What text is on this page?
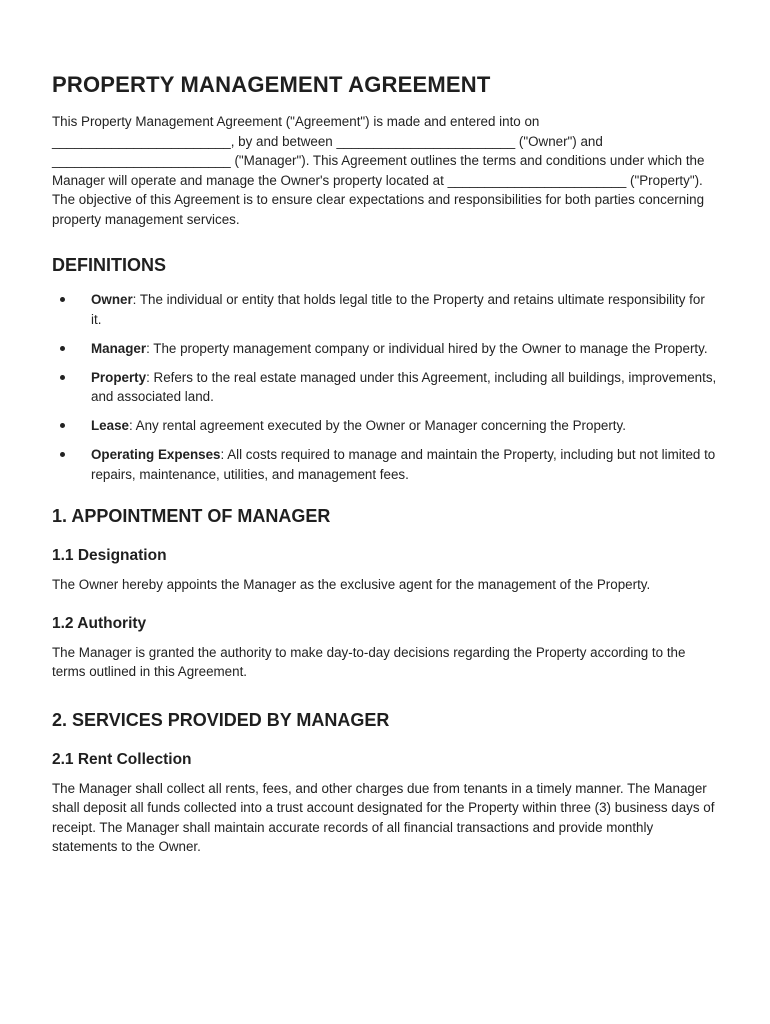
PROPERTY MANAGEMENT AGREEMENT

This Property Management Agreement ("Agreement") is made and entered into on ________________________, by and between ________________________ ("Owner") and ________________________ ("Manager"). This Agreement outlines the terms and conditions under which the Manager will operate and manage the Owner's property located at ________________________ ("Property"). The objective of this Agreement is to ensure clear expectations and responsibilities for both parties concerning property management services.

DEFINITIONS
Owner: The individual or entity that holds legal title to the Property and retains ultimate responsibility for it.
Manager: The property management company or individual hired by the Owner to manage the Property.
Property: Refers to the real estate managed under this Agreement, including all buildings, improvements, and associated land.
Lease: Any rental agreement executed by the Owner or Manager concerning the Property.
Operating Expenses: All costs required to manage and maintain the Property, including but not limited to repairs, maintenance, utilities, and management fees.
1. APPOINTMENT OF MANAGER
1.1 Designation

The Owner hereby appoints the Manager as the exclusive agent for the management of the Property.

1.2 Authority

The Manager is granted the authority to make day-to-day decisions regarding the Property according to the terms outlined in this Agreement.

2. SERVICES PROVIDED BY MANAGER
2.1 Rent Collection

The Manager shall collect all rents, fees, and other charges due from tenants in a timely manner. The Manager shall deposit all funds collected into a trust account designated for the Property within three (3) business days of receipt. The Manager shall maintain accurate records of all financial transactions and provide monthly statements to the Owner.
